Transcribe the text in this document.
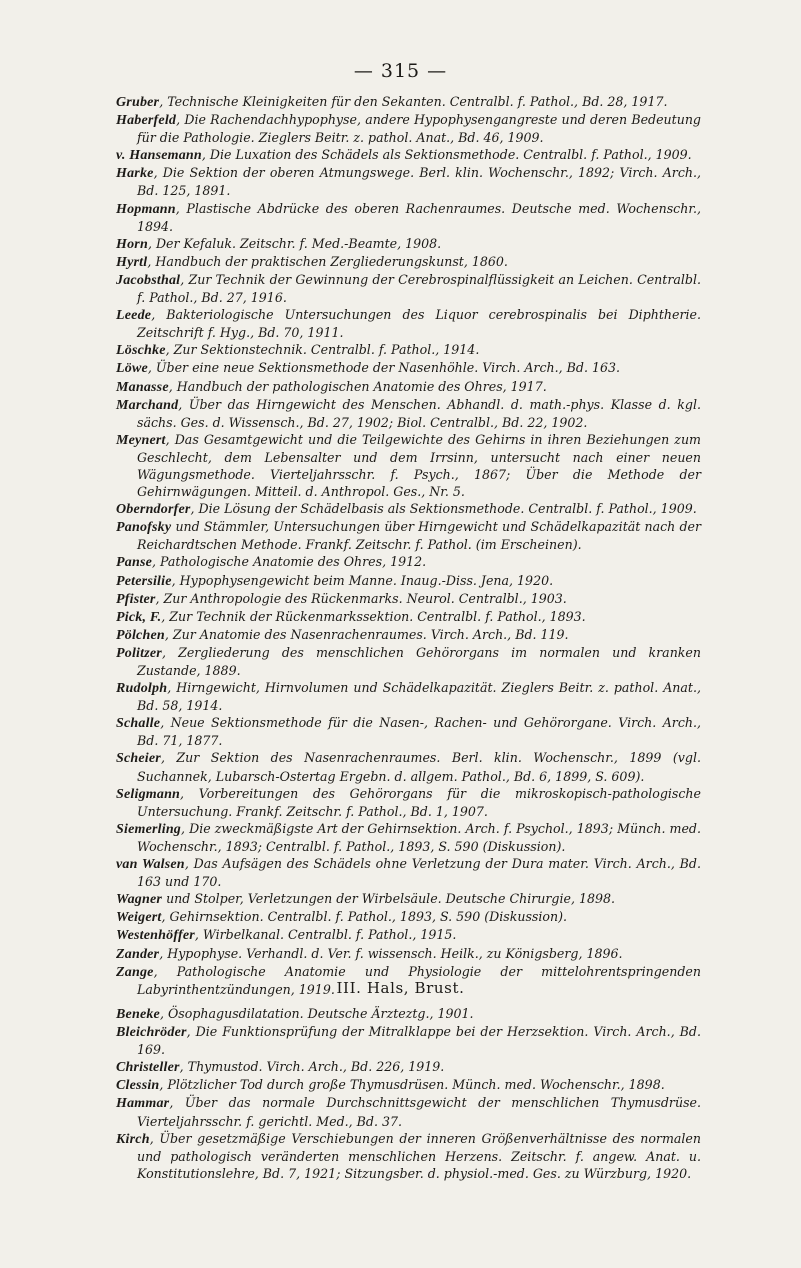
— 315 —
Gruber, Technische Kleinigkeiten für den Sekanten. Centralbl. f. Pathol., Bd. 28, 1917.
Haberfeld, Die Rachendachhypophyse, andere Hypophysengangreste und deren Bedeutung für die Pathologie. Zieglers Beitr. z. pathol. Anat., Bd. 46, 1909.
v. Hansemann, Die Luxation des Schädels als Sektionsmethode. Centralbl. f. Pathol., 1909.
Harke, Die Sektion der oberen Atmungswege. Berl. klin. Wochenschr., 1892; Virch. Arch., Bd. 125, 1891.
Hopmann, Plastische Abdrücke des oberen Rachenraumes. Deutsche med. Wochenschr., 1894.
Horn, Der Kefaluk. Zeitschr. f. Med.-Beamte, 1908.
Hyrtl, Handbuch der praktischen Zergliederungskunst, 1860.
Jacobsthal, Zur Technik der Gewinnung der Cerebrospinalflüssigkeit an Leichen. Centralbl. f. Pathol., Bd. 27, 1916.
Leede, Bakteriologische Untersuchungen des Liquor cerebrospinalis bei Diphtherie. Zeitschrift f. Hyg., Bd. 70, 1911.
Löschke, Zur Sektionstechnik. Centralbl. f. Pathol., 1914.
Löwe, Über eine neue Sektionsmethode der Nasenhöhle. Virch. Arch., Bd. 163.
Manasse, Handbuch der pathologischen Anatomie des Ohres, 1917.
Marchand, Über das Hirngewicht des Menschen. Abhandl. d. math.-phys. Klasse d. kgl. sächs. Ges. d. Wissensch., Bd. 27, 1902; Biol. Centralbl., Bd. 22, 1902.
Meynert, Das Gesamtgewicht und die Teilgewichte des Gehirns in ihren Beziehungen zum Geschlecht, dem Lebensalter und dem Irrsinn, untersucht nach einer neuen Wägungsmethode. Vierteljahrsschr. f. Psych., 1867; Über die Methode der Gehirnwägungen. Mitteil. d. Anthropol. Ges., Nr. 5.
Oberndorfer, Die Lösung der Schädelbasis als Sektionsmethode. Centralbl. f. Pathol., 1909.
Panofsky und Stämmler, Untersuchungen über Hirngewicht und Schädelkapazität nach der Reichardtschen Methode. Frankf. Zeitschr. f. Pathol. (im Erscheinen).
Panse, Pathologische Anatomie des Ohres, 1912.
Petersilie, Hypophysengewicht beim Manne. Inaug.-Diss. Jena, 1920.
Pfister, Zur Anthropologie des Rückenmarks. Neurol. Centralbl., 1903.
Pick, F., Zur Technik der Rückenmarkssektion. Centralbl. f. Pathol., 1893.
Pölchen, Zur Anatomie des Nasenrachenraumes. Virch. Arch., Bd. 119.
Politzer, Zergliederung des menschlichen Gehörorgans im normalen und kranken Zustande, 1889.
Rudolph, Hirngewicht, Hirnvolumen und Schädelkapazität. Zieglers Beitr. z. pathol. Anat., Bd. 58, 1914.
Schalle, Neue Sektionsmethode für die Nasen-, Rachen- und Gehörorgane. Virch. Arch., Bd. 71, 1877.
Scheier, Zur Sektion des Nasenrachenraumes. Berl. klin. Wochenschr., 1899 (vgl. Suchannek, Lubarsch-Ostertag Ergebn. d. allgem. Pathol., Bd. 6, 1899, S. 609).
Seligmann, Vorbereitungen des Gehörorgans für die mikroskopisch-pathologische Untersuchung. Frankf. Zeitschr. f. Pathol., Bd. 1, 1907.
Siemerling, Die zweckmäßigste Art der Gehirnsektion. Arch. f. Psychol., 1893; Münch. med. Wochenschr., 1893; Centralbl. f. Pathol., 1893, S. 590 (Diskussion).
van Walsen, Das Aufsägen des Schädels ohne Verletzung der Dura mater. Virch. Arch., Bd. 163 und 170.
Wagner und Stolper, Verletzungen der Wirbelsäule. Deutsche Chirurgie, 1898.
Weigert, Gehirnsektion. Centralbl. f. Pathol., 1893, S. 590 (Diskussion).
Westenhöffer, Wirbelkanal. Centralbl. f. Pathol., 1915.
Zander, Hypophyse. Verhandl. d. Ver. f. wissensch. Heilk., zu Königsberg, 1896.
Zange, Pathologische Anatomie und Physiologie der mittelohrentspringenden Labyrinthentzündungen, 1919. III. Hals, Brust.
Beneke, Ösophagusdilatation. Deutsche Ärzteztg., 1901.
Bleichröder, Die Funktionsprüfung der Mitralklappe bei der Herzsektion. Virch. Arch., Bd. 169.
Christeller, Thymustod. Virch. Arch., Bd. 226, 1919.
Clessin, Plötzlicher Tod durch große Thymusdrüsen. Münch. med. Wochenschr., 1898.
Hammar, Über das normale Durchschnittsgewicht der menschlichen Thymusdrüse. Vierteljahrsschr. f. gerichtl. Med., Bd. 37.
Kirch, Über gesetzmäßige Verschiebungen der inneren Größenverhältnisse des normalen und pathologisch veränderten menschlichen Herzens. Zeitschr. f. angew. Anat. u. Konstitutionslehre, Bd. 7, 1921; Sitzungsber. d. physiol.-med. Ges. zu Würzburg, 1920.
